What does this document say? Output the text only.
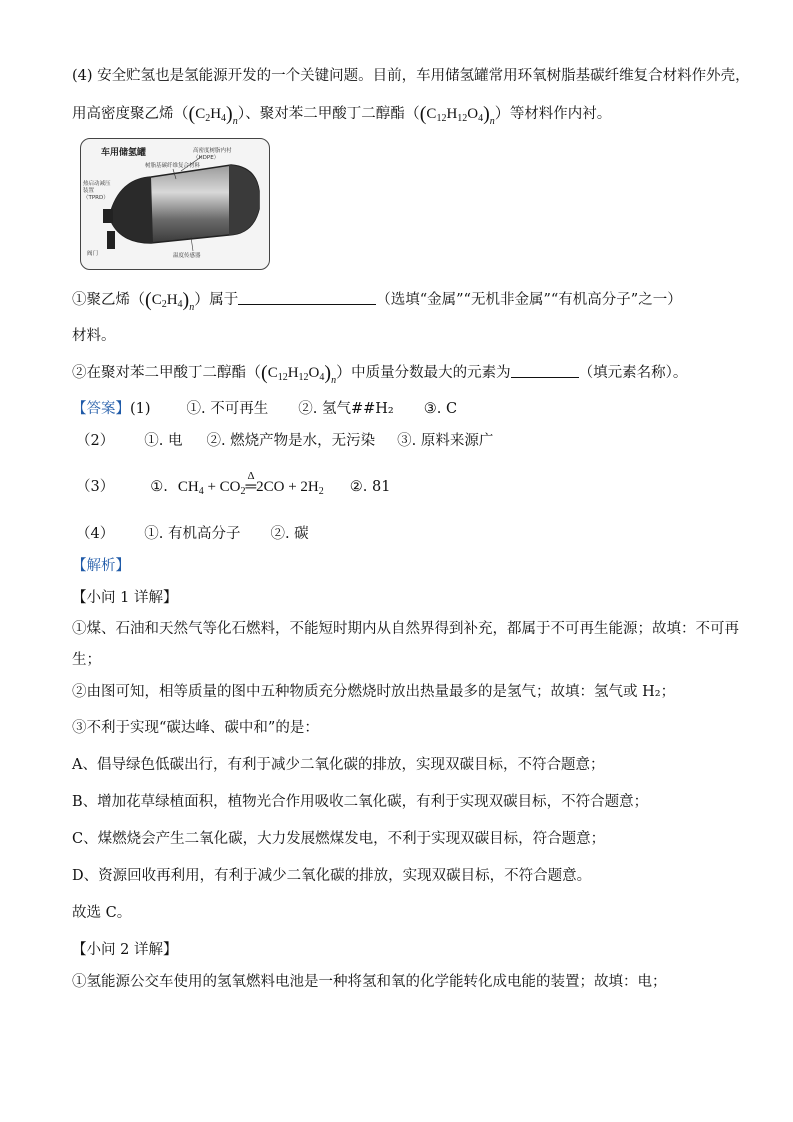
(4) 安全贮氢也是氢能源开发的一个关键问题。目前，车用储氢罐常用环氧树脂基碳纤维复合材料作外壳，
用高密度聚乙烯$((C_2H_4)_n)$、聚对苯二甲酸丁二醇酯$((C_{12}H_{12}O_4)_n)$等材料作内衬。
车用储氢罐	高密度树脂内衬
（HDPE）
树脂基碳纤维复合材料
热启动减压
装置
（TPRD）
阀门	温度传感器
①聚乙烯$((C_2H_4)_n)$属于	（选填“金属”“无机非金属”“有机高分子”之一）
材料。
②在聚对苯二甲酸丁二醇酯$((C_{12}H_{12}O_4)_n)$中质量分数最大的元素为	（填元素名称）。
【答案】(1) ①. 不可再生 ②. 氢气##H₂ ③. C
（2） ①. 电 ②. 燃烧产物是水，无污染 ③. 原料来源广
（3） ①. $CH_4 + CO_2$
Δ
═2CO + $2H_2$ ②. 81
（4） ①. 有机高分子 ②. 碳
【解析】
【小问 1 详解】
①煤、石油和天然气等化石燃料，不能短时期内从自然界得到补充，都属于不可再生能源；故填：不可再
生；
②由图可知，相等质量的图中五种物质充分燃烧时放出热量最多的是氢气；故填：氢气或 H₂；
③不利于实现“碳达峰、碳中和”的是：
A、倡导绿色低碳出行，有利于减少二氧化碳的排放，实现双碳目标，不符合题意；
B、增加花草绿植面积，植物光合作用吸收二氧化碳，有利于实现双碳目标，不符合题意；
C、煤燃烧会产生二氧化碳，大力发展燃煤发电，不利于实现双碳目标，符合题意；
D、资源回收再利用，有利于减少二氧化碳的排放，实现双碳目标，不符合题意。
故选 C。
【小问 2 详解】
①氢能源公交车使用的氢氧燃料电池是一种将氢和氧的化学能转化成电能的装置；故填：电；
